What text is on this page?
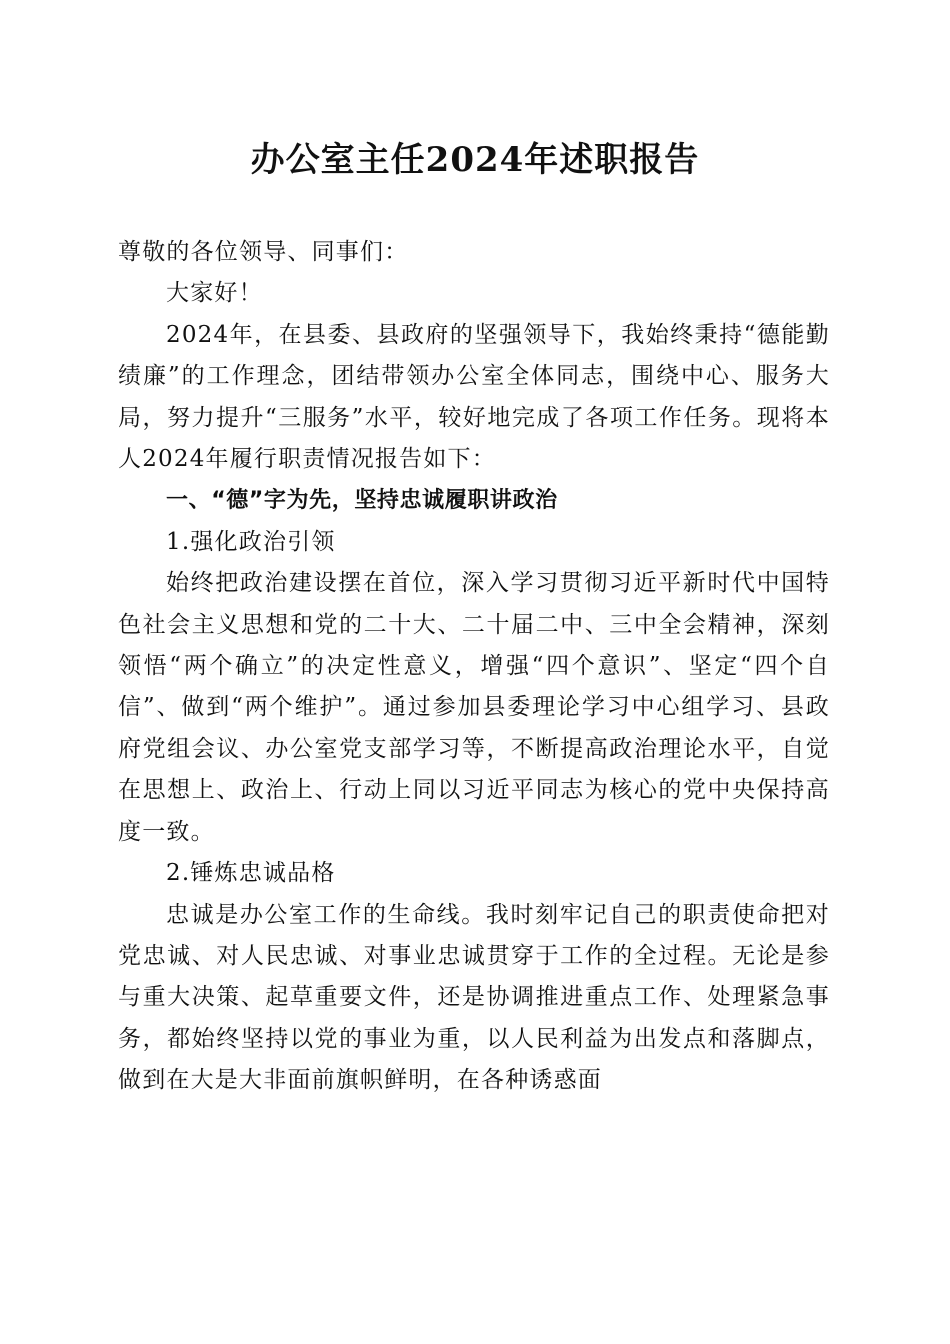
办公室主任2024年述职报告

尊敬的各位领导、同事们：

大家好！

2024年，在县委、县政府的坚强领导下，我始终秉持“德能勤绩廉”的工作理念，团结带领办公室全体同志，围绕中心、服务大局，努力提升“三服务”水平，较好地完成了各项工作任务。现将本人2024年履行职责情况报告如下：

一、“德”字为先，坚持忠诚履职讲政治

1.强化政治引领

始终把政治建设摆在首位，深入学习贯彻习近平新时代中国特色社会主义思想和党的二十大、二十届二中、三中全会精神，深刻领悟“两个确立”的决定性意义，增强“四个意识”、坚定“四个自信”、做到“两个维护”。通过参加县委理论学习中心组学习、县政府党组会议、办公室党支部学习等，不断提高政治理论水平，自觉在思想上、政治上、行动上同以习近平同志为核心的党中央保持高度一致。

2.锤炼忠诚品格

忠诚是办公室工作的生命线。我时刻牢记自己的职责使命把对党忠诚、对人民忠诚、对事业忠诚贯穿于工作的全过程。无论是参与重大决策、起草重要文件，还是协调推进重点工作、处理紧急事务，都始终坚持以党的事业为重，以人民利益为出发点和落脚点，做到在大是大非面前旗帜鲜明，在各种诱惑面
